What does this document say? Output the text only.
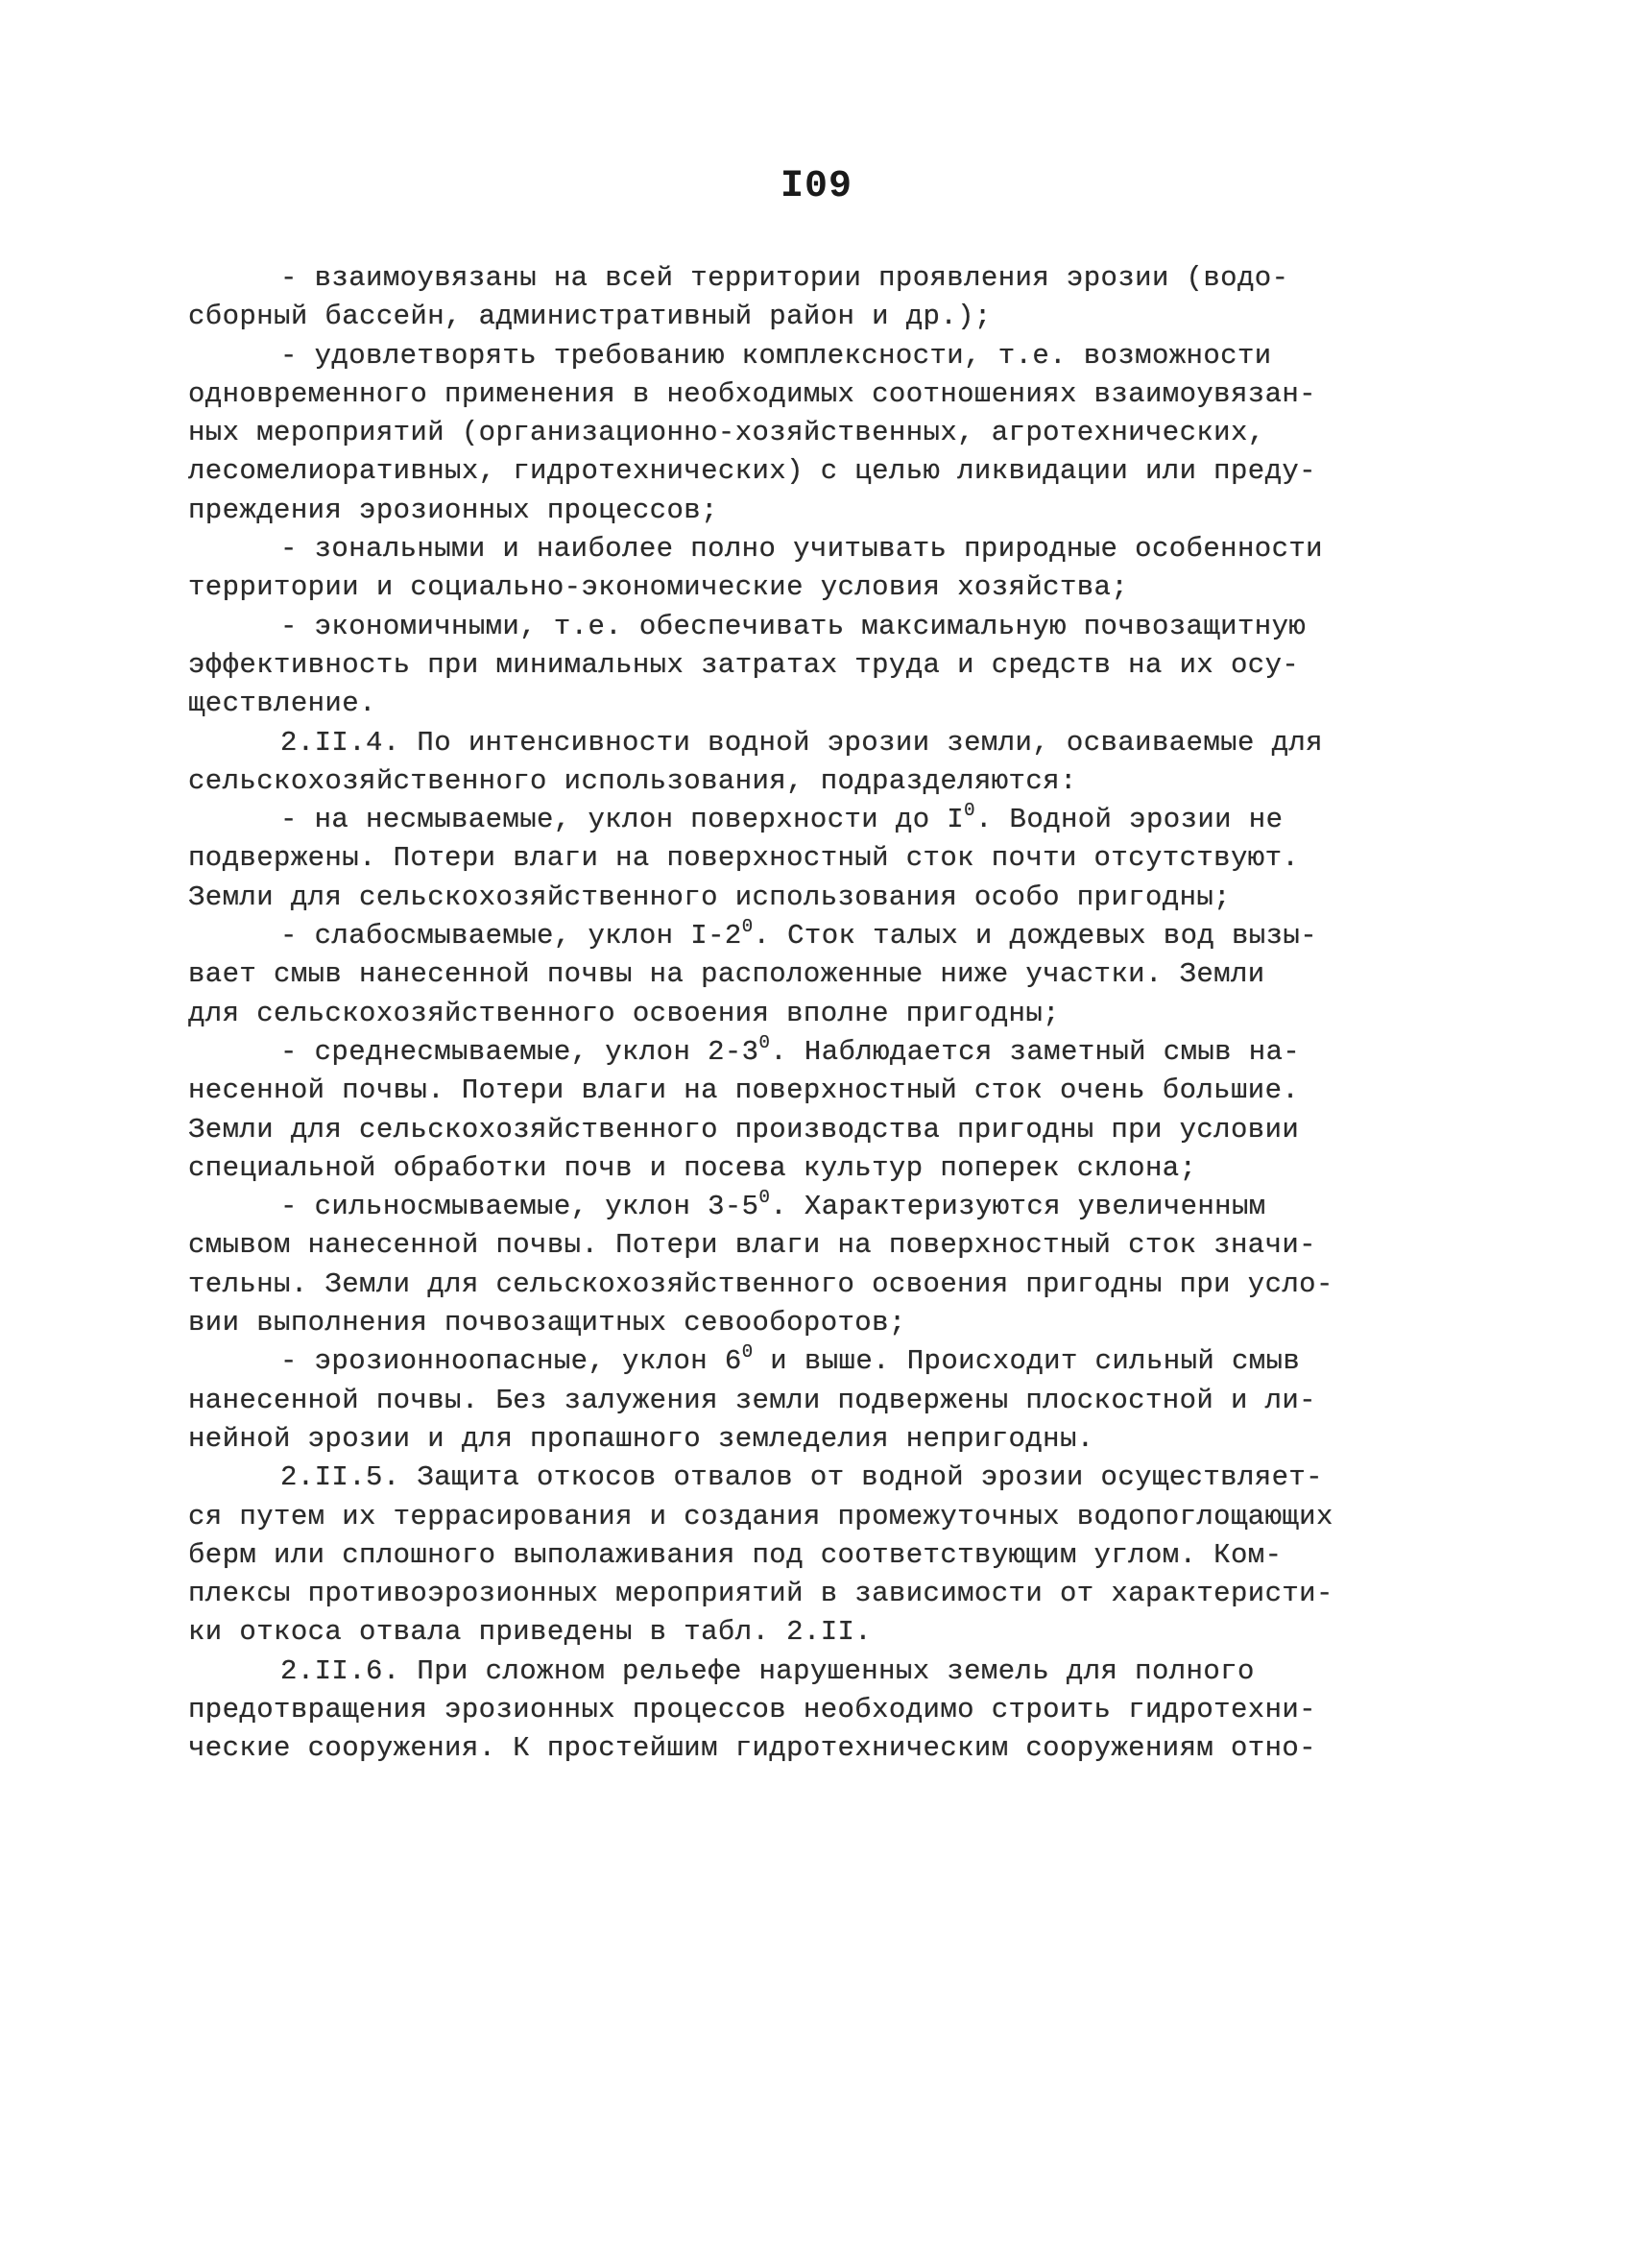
I09
- взаимоувязаны на всей территории проявления эрозии (водо-
сборный бассейн, административный район и др.);
- удовлетворять требованию комплексности, т.е. возможности
одновременного применения в необходимых соотношениях взаимоувязан-
ных мероприятий (организационно-хозяйственных, агротехнических,
лесомелиоративных, гидротехнических) с целью ликвидации или преду-
преждения эрозионных процессов;
- зональными и наиболее полно учитывать природные особенности
территории и социально-экономические условия хозяйства;
- экономичными, т.е. обеспечивать максимальную почвозащитную
эффективность при минимальных затратах труда и средств на их осу-
ществление.
2.II.4. По интенсивности водной эрозии земли, осваиваемые для
сельскохозяйственного использования, подразделяются:
- на несмываемые, уклон поверхности до $I^0$. Водной эрозии не
подвержены. Потери влаги на поверхностный сток почти отсутствуют.
Земли для сельскохозяйственного использования особо пригодны;
- слабосмываемые, уклон $I-2^0$. Сток талых и дождевых вод вызы-
вает смыв нанесенной почвы на расположенные ниже участки. Земли
для сельскохозяйственного освоения вполне пригодны;
- среднесмываемые, уклон $2-3^0$. Наблюдается заметный смыв на-
несенной почвы. Потери влаги на поверхностный сток очень большие.
Земли для сельскохозяйственного производства пригодны при условии
специальной обработки почв и посева культур поперек склона;
- сильносмываемые, уклон $3-5^0$. Характеризуются увеличенным
смывом нанесенной почвы. Потери влаги на поверхностный сток значи-
тельны. Земли для сельскохозяйственного освоения пригодны при усло-
вии выполнения почвозащитных севооборотов;
- эрозионноопасные, уклон $6^0$ и выше. Происходит сильный смыв
нанесенной почвы. Без залужения земли подвержены плоскостной и ли-
нейной эрозии и для пропашного земледелия непригодны.
2.II.5. Защита откосов отвалов от водной эрозии осуществляет-
ся путем их террасирования и создания промежуточных водопоглощающих
берм или сплошного выполаживания под соответствующим углом. Ком-
плексы противоэрозионных мероприятий в зависимости от характеристи-
ки откоса отвала приведены в табл. 2.II.
2.II.6. При сложном рельефе нарушенных земель для полного
предотвращения эрозионных процессов необходимо строить гидротехни-
ческие сооружения. К простейшим гидротехническим сооружениям отно-
